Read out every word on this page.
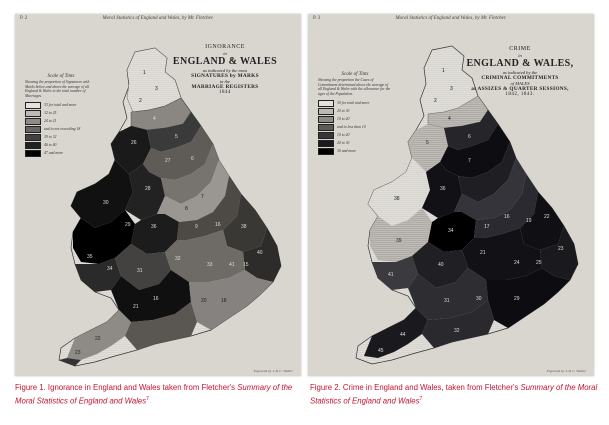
1
3
2
4
26
5
27	6
30
28
29	36
8
7
9	16	38
40
35
34	31
32
33	41 15
16	20
21
22
18
23
P. 2	Moral Statistics of England and Wales, by Mr. Fletcher.
IGNORANCE
in
ENGLAND & WALES
as indicated by the most
SIGNATURES by MARKS
in the
MARRIAGE REGISTERS
1844
Scale of Tints
Showing the proportion of Signatures with Marks below and above the average of all England & Wales to the total number of Marriages.
33 for total and more
32 to 25
24 to 21
and to not exceeding 18
39 to 32
46 to 40
47 and more
Engraved by J. & C. Walker
1
3
2
4
5
6
7
38
36
39
34
17
16
19
22
23
41
40
21
24	25
31	30	29
44
32
45
P. 3	Moral Statistics of England and Wales, by Mr. Fletcher.
CRIME
in
ENGLAND & WALES,
as indicated by the
CRIMINAL COMMITMENTS
of MALES
at ASSIZES & QUARTER SESSIONS,
1842, 1843.
Scale of Tints
Showing the proportion the Cases of Commitment determined above the average of all England & Wales with the allowance for the ages of the Population.
30 for total and more
20 to 30
10 to 20
and to less than 10
10 to 20
20 to 30
30 and more
Engraved by J. & C. Walker
Figure 1. Ignorance in England and Wales taken from Fletcher's Summary of the Moral Statistics of England and Wales$^7$
Figure 2. Crime in England and Wales, taken from Fletcher's Summary of the Moral Statistics of England and Wales$^7$
